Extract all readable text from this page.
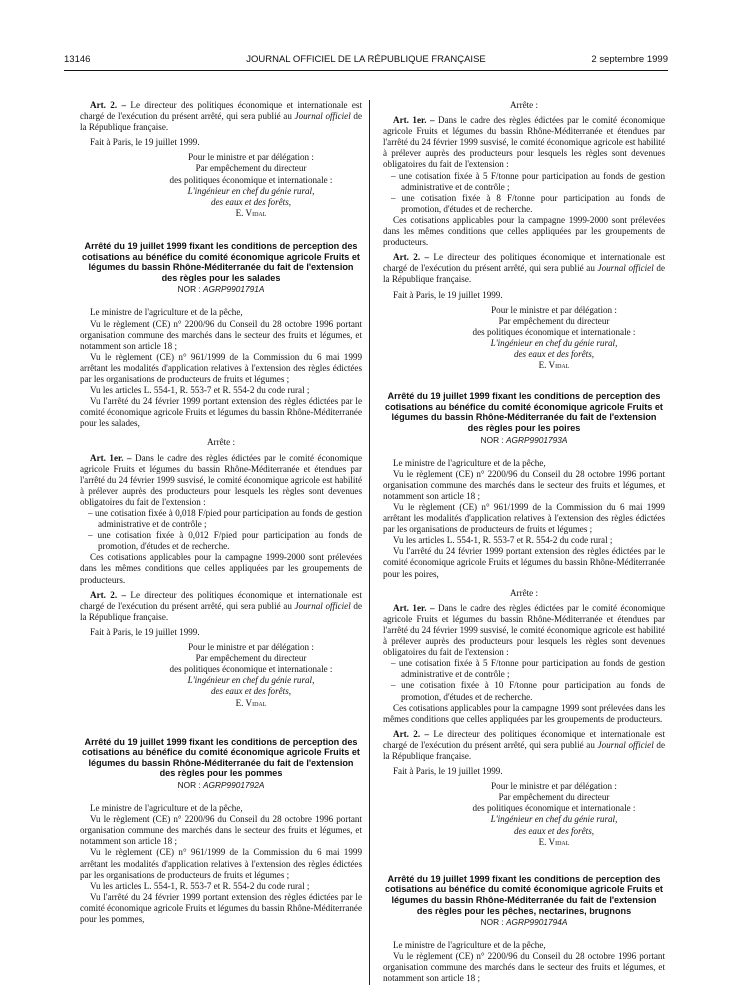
13146	JOURNAL OFFICIEL DE LA RÉPUBLIQUE FRANÇAISE	2 septembre 1999

Art. 2. – Le directeur des politiques économique et internationale est chargé de l'exécution du présent arrêté, qui sera publié au Journal officiel de la République française.

Fait à Paris, le 19 juillet 1999.

Pour le ministre et par délégation :

Par empêchement du directeur

des politiques économique et internationale :

L'ingénieur en chef du génie rural,

des eaux et des forêts,

E. Vidal

Arrêté du 19 juillet 1999 fixant les conditions de perception des cotisations au bénéfice du comité économique agricole Fruits et légumes du bassin Rhône-Méditerranée du fait de l'extension des règles pour les salades

NOR : AGRP9901791A

Le ministre de l'agriculture et de la pêche,

Vu le règlement (CE) n° 2200/96 du Conseil du 28 octobre 1996 portant organisation commune des marchés dans le secteur des fruits et légumes, et notamment son article 18 ;

Vu le règlement (CE) n° 961/1999 de la Commission du 6 mai 1999 arrêtant les modalités d'application relatives à l'extension des règles édictées par les organisations de producteurs de fruits et légumes ;

Vu les articles L. 554-1, R. 553-7 et R. 554-2 du code rural ;

Vu l'arrêté du 24 février 1999 portant extension des règles édictées par le comité économique agricole Fruits et légumes du bassin Rhône-Méditerranée pour les salades,

Arrête :

Art. 1er. – Dans le cadre des règles édictées par le comité économique agricole Fruits et légumes du bassin Rhône-Méditerranée et étendues par l'arrêté du 24 février 1999 susvisé, le comité économique agricole est habilité à prélever auprès des producteurs pour lesquels les règles sont devenues obligatoires du fait de l'extension :

– une cotisation fixée à 0,018 F/pied pour participation au fonds de gestion administrative et de contrôle ;

– une cotisation fixée à 0,012 F/pied pour participation au fonds de promotion, d'études et de recherche.

Ces cotisations applicables pour la campagne 1999-2000 sont prélevées dans les mêmes conditions que celles appliquées par les groupements de producteurs.

Art. 2. – Le directeur des politiques économique et internationale est chargé de l'exécution du présent arrêté, qui sera publié au Journal officiel de la République française.

Fait à Paris, le 19 juillet 1999.

Pour le ministre et par délégation :

Par empêchement du directeur

des politiques économique et internationale :

L'ingénieur en chef du génie rural,

des eaux et des forêts,

E. Vidal

Arrêté du 19 juillet 1999 fixant les conditions de perception des cotisations au bénéfice du comité économique agricole Fruits et légumes du bassin Rhône-Méditerranée du fait de l'extension des règles pour les pommes

NOR : AGRP9901792A

Le ministre de l'agriculture et de la pêche,

Vu le règlement (CE) n° 2200/96 du Conseil du 28 octobre 1996 portant organisation commune des marchés dans le secteur des fruits et légumes, et notamment son article 18 ;

Vu le règlement (CE) n° 961/1999 de la Commission du 6 mai 1999 arrêtant les modalités d'application relatives à l'extension des règles édictées par les organisations de producteurs de fruits et légumes ;

Vu les articles L. 554-1, R. 553-7 et R. 554-2 du code rural ;

Vu l'arrêté du 24 février 1999 portant extension des règles édictées par le comité économique agricole Fruits et légumes du bassin Rhône-Méditerranée pour les pommes,

Arrête :

Art. 1er. – Dans le cadre des règles édictées par le comité économique agricole Fruits et légumes du bassin Rhône-Méditerranée et étendues par l'arrêté du 24 février 1999 susvisé, le comité économique agricole est habilité à prélever auprès des producteurs pour lesquels les règles sont devenues obligatoires du fait de l'extension :

– une cotisation fixée à 5 F/tonne pour participation au fonds de gestion administrative et de contrôle ;

– une cotisation fixée à 8 F/tonne pour participation au fonds de promotion, d'études et de recherche.

Ces cotisations applicables pour la campagne 1999-2000 sont prélevées dans les mêmes conditions que celles appliquées par les groupements de producteurs.

Art. 2. – Le directeur des politiques économique et internationale est chargé de l'exécution du présent arrêté, qui sera publié au Journal officiel de la République française.

Fait à Paris, le 19 juillet 1999.

Pour le ministre et par délégation :

Par empêchement du directeur

des politiques économique et internationale :

L'ingénieur en chef du génie rural,

des eaux et des forêts,

E. Vidal

Arrêté du 19 juillet 1999 fixant les conditions de perception des cotisations au bénéfice du comité économique agricole Fruits et légumes du bassin Rhône-Méditerranée du fait de l'extension des règles pour les poires

NOR : AGRP9901793A

Le ministre de l'agriculture et de la pêche,

Vu le règlement (CE) n° 2200/96 du Conseil du 28 octobre 1996 portant organisation commune des marchés dans le secteur des fruits et légumes, et notamment son article 18 ;

Vu le règlement (CE) n° 961/1999 de la Commission du 6 mai 1999 arrêtant les modalités d'application relatives à l'extension des règles édictées par les organisations de producteurs de fruits et légumes ;

Vu les articles L. 554-1, R. 553-7 et R. 554-2 du code rural ;

Vu l'arrêté du 24 février 1999 portant extension des règles édictées par le comité économique agricole Fruits et légumes du bassin Rhône-Méditerranée pour les poires,

Arrête :

Art. 1er. – Dans le cadre des règles édictées par le comité économique agricole Fruits et légumes du bassin Rhône-Méditerranée et étendues par l'arrêté du 24 février 1999 susvisé, le comité économique agricole est habilité à prélever auprès des producteurs pour lesquels les règles sont devenues obligatoires du fait de l'extension :

– une cotisation fixée à 5 F/tonne pour participation au fonds de gestion administrative et de contrôle ;

– une cotisation fixée à 10 F/tonne pour participation au fonds de promotion, d'études et de recherche.

Ces cotisations applicables pour la campagne 1999 sont prélevées dans les mêmes conditions que celles appliquées par les groupements de producteurs.

Art. 2. – Le directeur des politiques économique et internationale est chargé de l'exécution du présent arrêté, qui sera publié au Journal officiel de la République française.

Fait à Paris, le 19 juillet 1999.

Pour le ministre et par délégation :

Par empêchement du directeur

des politiques économique et internationale :

L'ingénieur en chef du génie rural,

des eaux et des forêts,

E. Vidal

Arrêté du 19 juillet 1999 fixant les conditions de perception des cotisations au bénéfice du comité économique agricole Fruits et légumes du bassin Rhône-Méditerranée du fait de l'extension des règles pour les pêches, nectarines, brugnons

NOR : AGRP9901794A

Le ministre de l'agriculture et de la pêche,

Vu le règlement (CE) n° 2200/96 du Conseil du 28 octobre 1996 portant organisation commune des marchés dans le secteur des fruits et légumes, et notamment son article 18 ;
